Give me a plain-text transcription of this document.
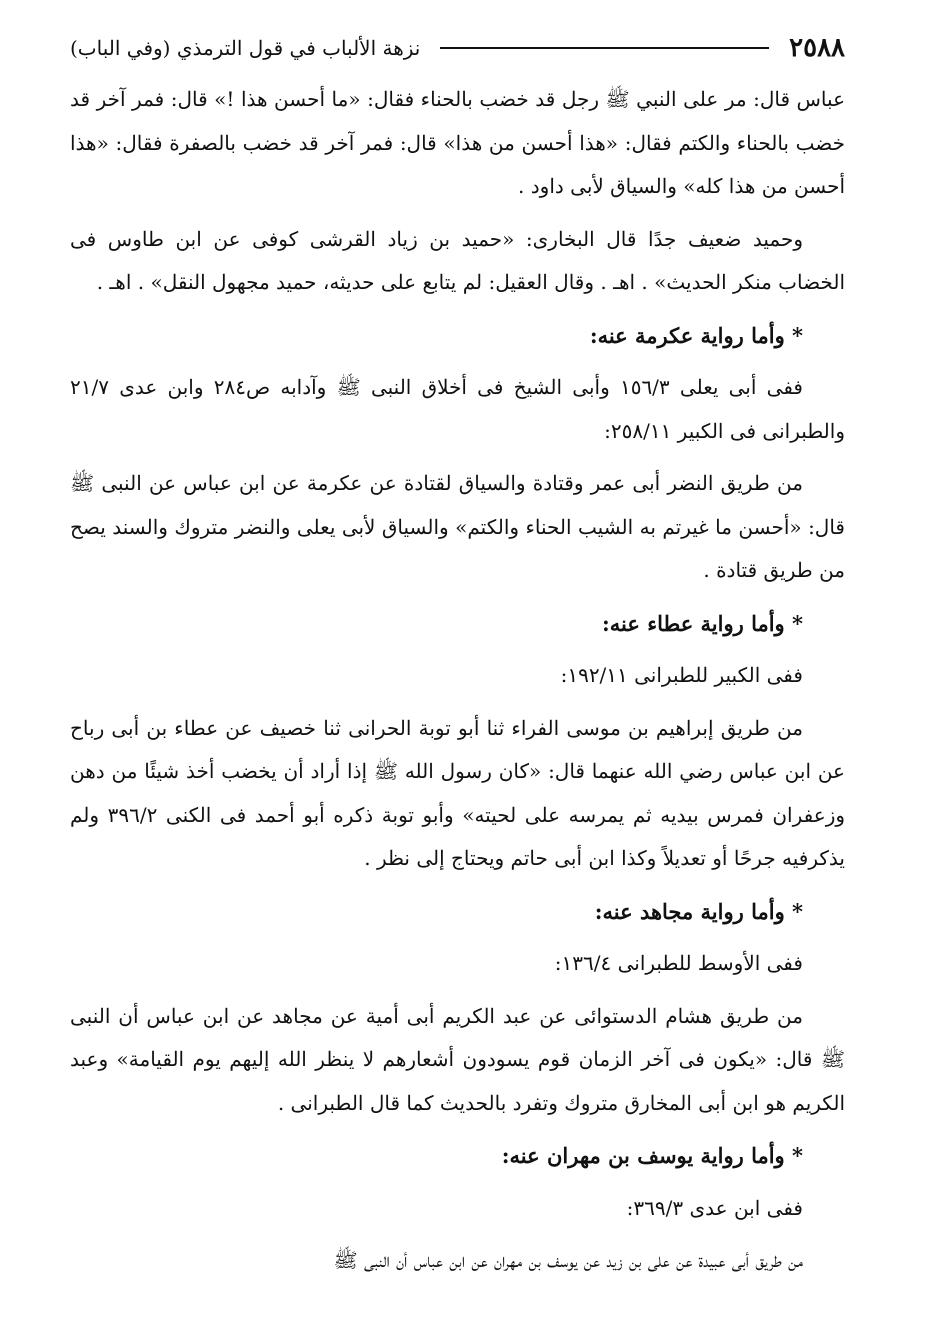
٢٥٨٨
نزهة الألباب في قول الترمذي (وفي الباب)

عباس قال: مر على النبي ﷺ رجل قد خضب بالحناء فقال: «ما أحسن هذا !» قال: فمر آخر قد خضب بالحناء والكتم فقال: «هذا أحسن من هذا» قال: فمر آخر قد خضب بالصفرة فقال: «هذا أحسن من هذا كله» والسياق لأبى داود .

وحميد ضعيف جدًا قال البخارى: «حميد بن زياد القرشى كوفى عن ابن طاوس فى الخضاب منكر الحديث» . اهـ . وقال العقيل: لم يتابع على حديثه، حميد مجهول النقل» . اهـ .

* وأما رواية عكرمة عنه:

ففى أبى يعلى ١٥٦/٣ وأبى الشيخ فى أخلاق النبى ﷺ وآدابه ص٢٨٤ وابن عدى ٢١/٧ والطبرانى فى الكبير ٢٥٨/١١:

من طريق النضر أبى عمر وقتادة والسياق لقتادة عن عكرمة عن ابن عباس عن النبى ﷺ قال: «أحسن ما غيرتم به الشيب الحناء والكتم» والسياق لأبى يعلى والنضر متروك والسند يصح من طريق قتادة .

* وأما رواية عطاء عنه:

ففى الكبير للطبرانى ١٩٢/١١:

من طريق إبراهيم بن موسى الفراء ثنا أبو توبة الحرانى ثنا خصيف عن عطاء بن أبى رباح عن ابن عباس رضي الله عنهما قال: «كان رسول الله ﷺ إذا أراد أن يخضب أخذ شيئًا من دهن وزعفران فمرس بيديه ثم يمرسه على لحيته» وأبو توبة ذكره أبو أحمد فى الكنى ٣٩٦/٢ ولم يذكرفيه جرحًا أو تعديلاً وكذا ابن أبى حاتم ويحتاج إلى نظر .

* وأما رواية مجاهد عنه:

ففى الأوسط للطبرانى ١٣٦/٤:

من طريق هشام الدستوائى عن عبد الكريم أبى أمية عن مجاهد عن ابن عباس أن النبى ﷺ قال: «يكون فى آخر الزمان قوم يسودون أشعارهم لا ينظر الله إليهم يوم القيامة» وعبد الكريم هو ابن أبى المخارق متروك وتفرد بالحديث كما قال الطبرانى .

* وأما رواية يوسف بن مهران عنه:

ففى ابن عدى ٣٦٩/٣:

من طريق أبى عبيدة عن على بن زيد عن يوسف بن مهران عن ابن عباس أن النبى ﷺ
